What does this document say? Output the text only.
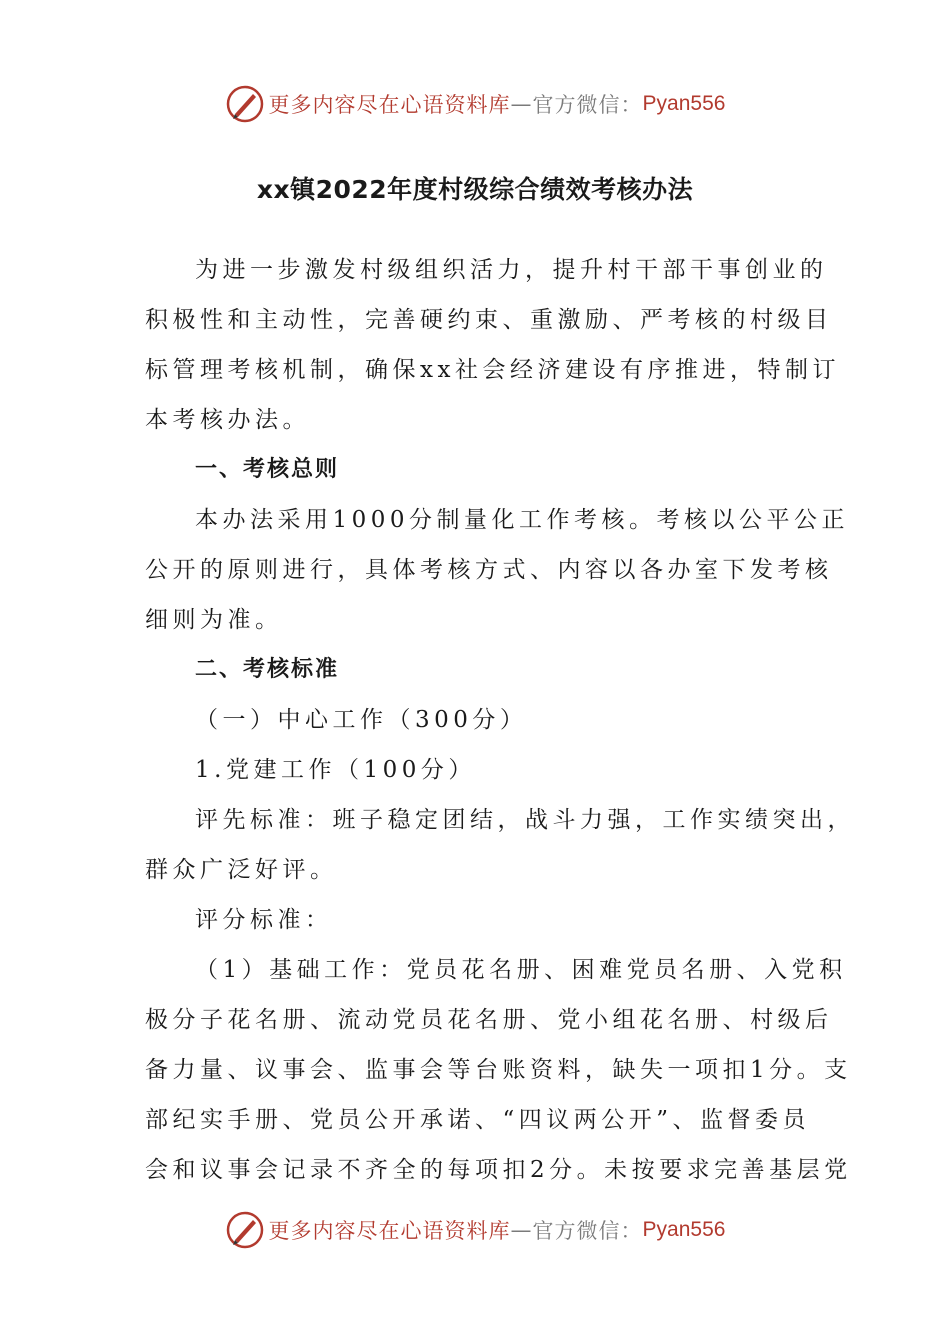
更多内容尽在心语资料库 — 官方微信： Pyan556
xx镇2022年度村级综合绩效考核办法
为进一步激发村级组织活力，提升村干部干事创业的
积极性和主动性，完善硬约束、重激励、严考核的村级目
标管理考核机制，确保xx社会经济建设有序推进，特制订
本考核办法。
一、考核总则
本办法采用1000分制量化工作考核。考核以公平公正
公开的原则进行，具体考核方式、内容以各办室下发考核
细则为准。
二、考核标准
（一）中心工作（300分）
1.党建工作（100分）
评先标准：班子稳定团结，战斗力强，工作实绩突出，
群众广泛好评。
评分标准：
（1）基础工作：党员花名册、困难党员名册、入党积
极分子花名册、流动党员花名册、党小组花名册、村级后
备力量、议事会、监事会等台账资料，缺失一项扣1分。支
部纪实手册、党员公开承诺、“四议两公开”、监督委员
会和议事会记录不齐全的每项扣2分。未按要求完善基层党
更多内容尽在心语资料库 — 官方微信： Pyan556
